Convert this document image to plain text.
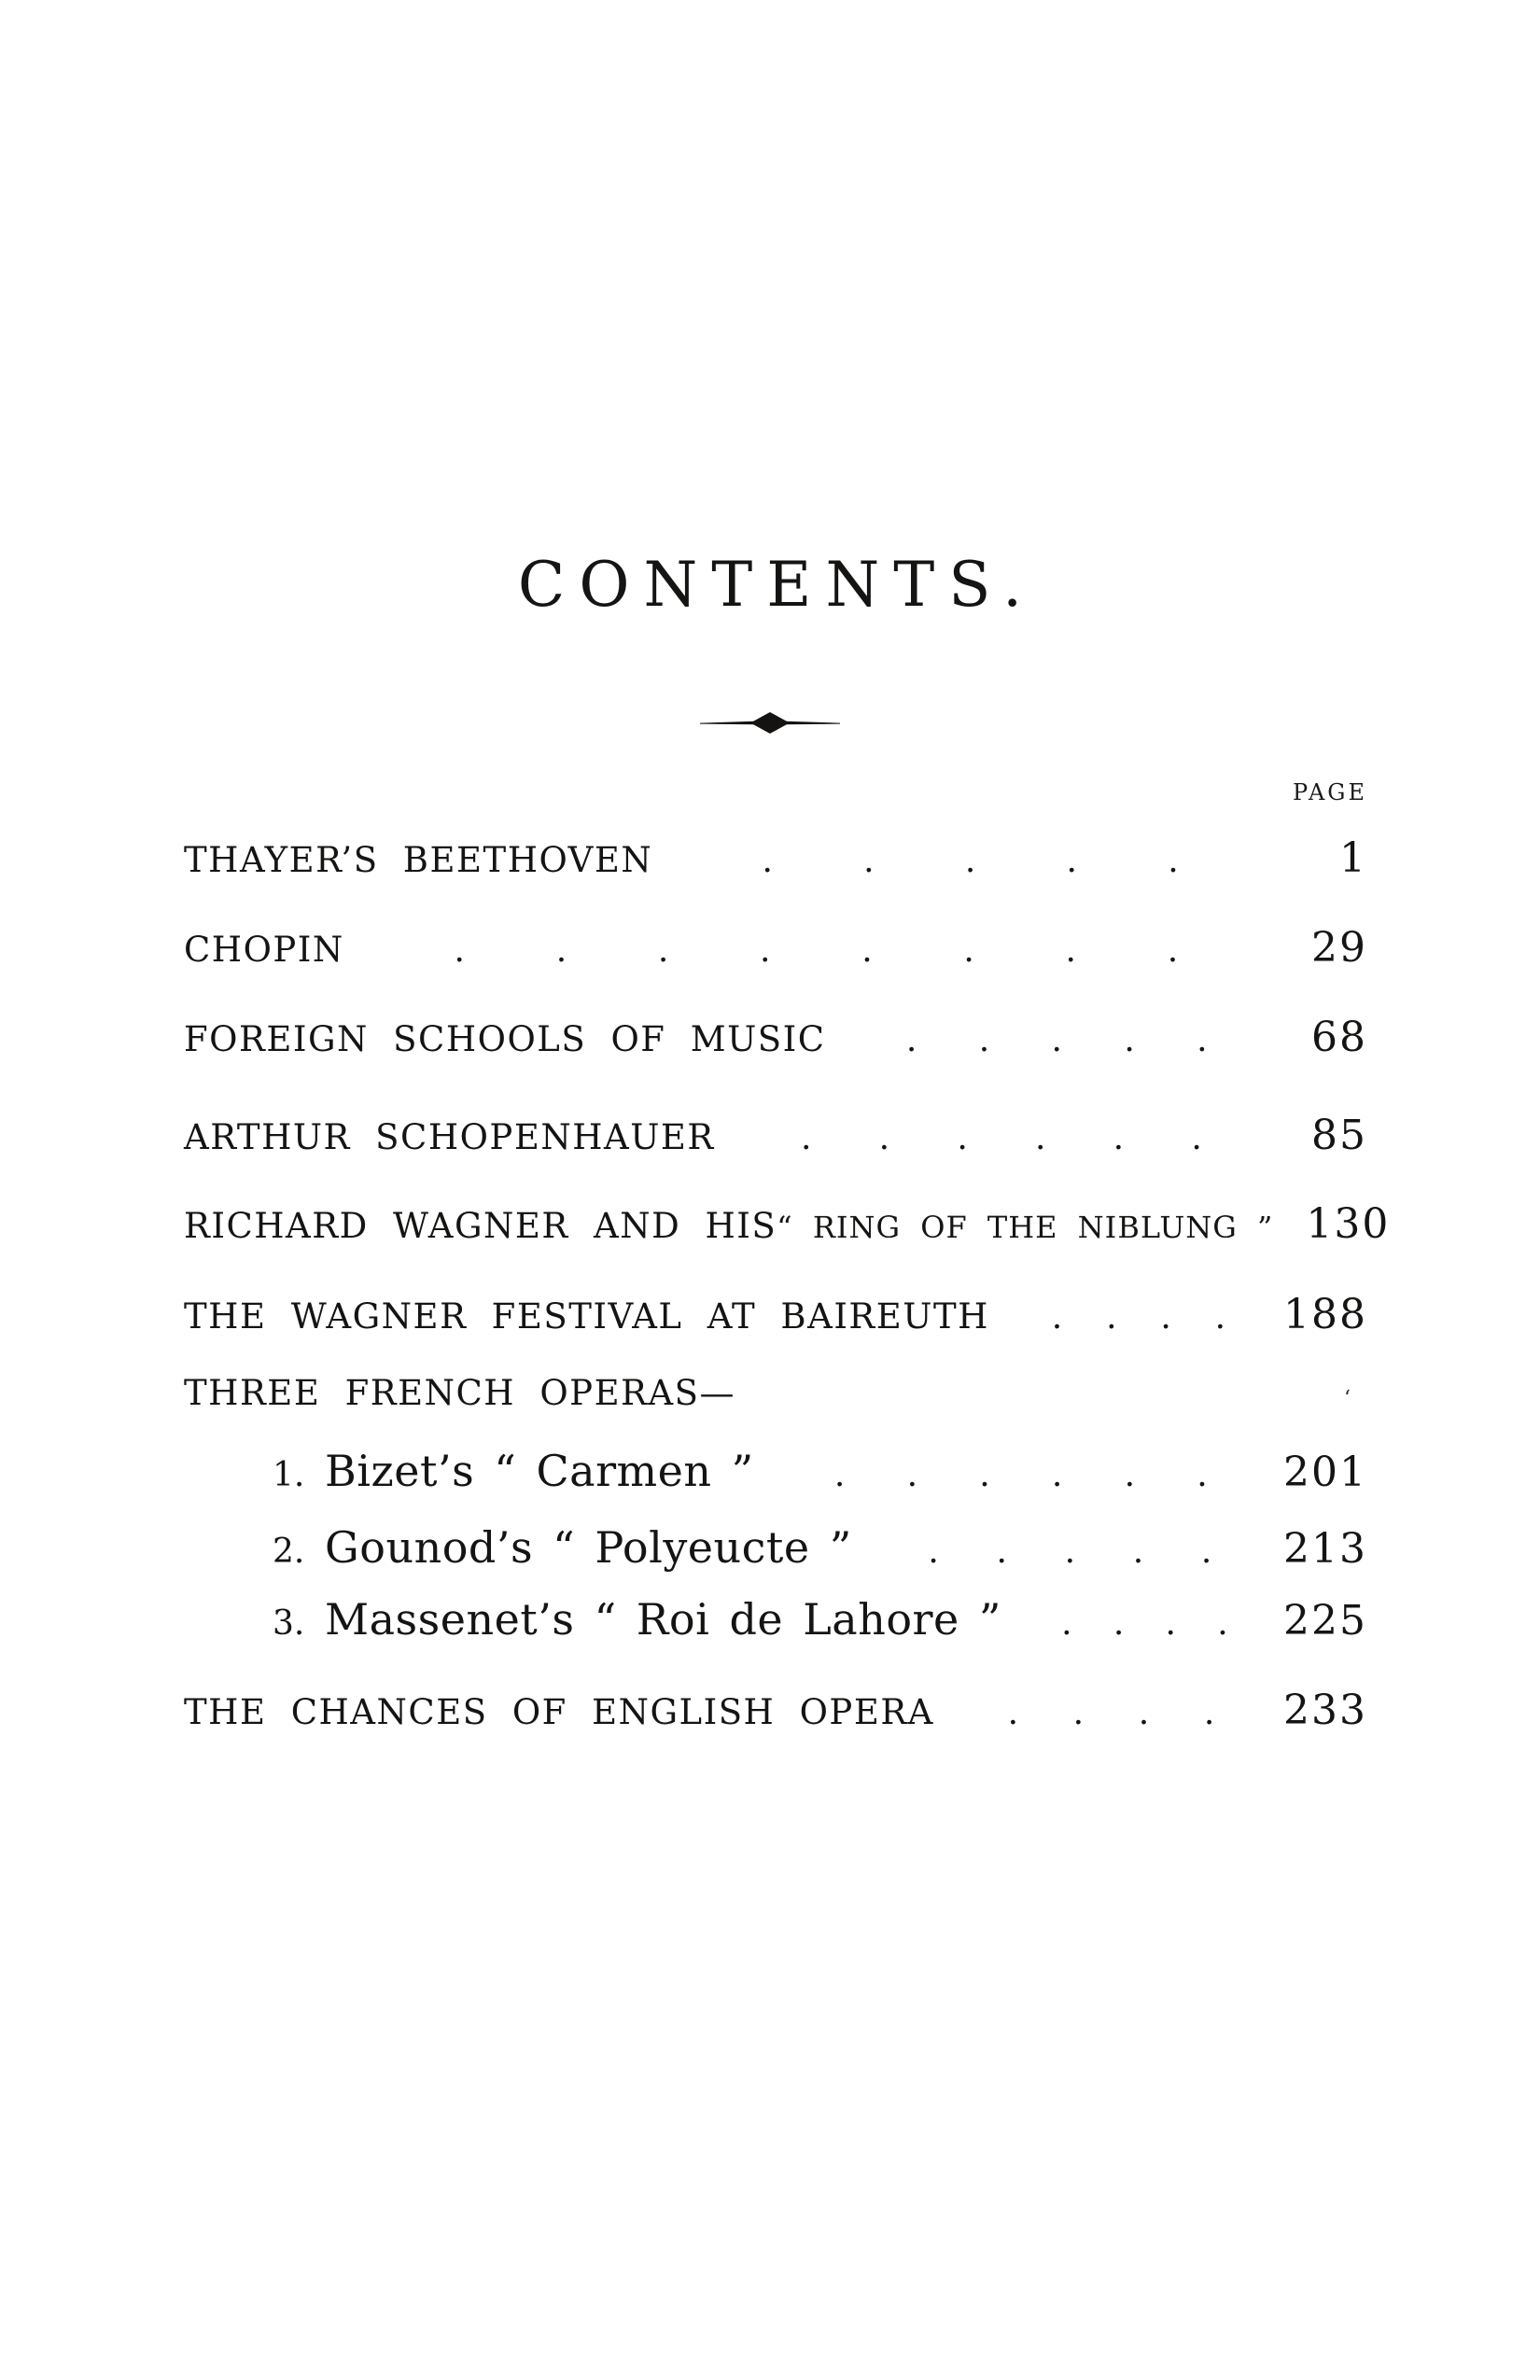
CONTENTS.
PAGE
THAYER’S BEETHOVEN	.	.	.	.	.	1
CHOPIN	.	.	.	.	.	.	.	.	29
FOREIGN SCHOOLS OF MUSIC . . . . .	68
ARTHUR SCHOPENHAUER	. . . . . .	85
RICHARD WAGNER AND HIS“ RING OF THE NIBLUNG ” 130
THE WAGNER FESTIVAL AT BAIREUTH . . . . 188
THREE FRENCH OPERAS—	‘
1. Bizet’s “ Carmen ” . . . . . . 201
2. Gounod’s “ Polyeucte ” . . . . . 213
3. Massenet’s “ Roi de Lahore ” . . . . 225
THE CHANCES OF ENGLISH OPERA . . . . 233
